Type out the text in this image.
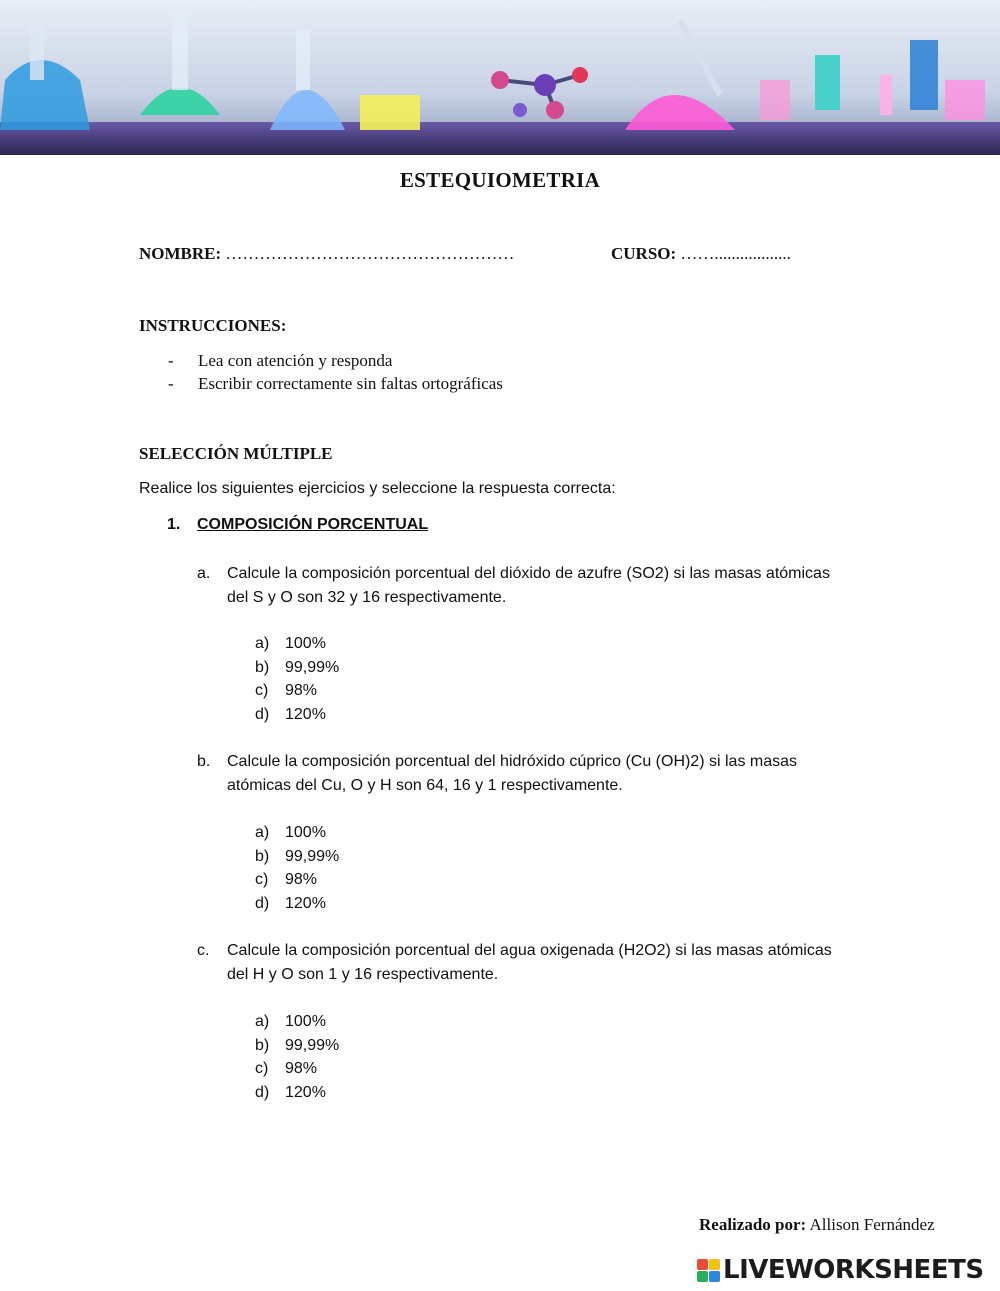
ESTEQUIOMETRIA
NOMBRE: ……………………………………………	CURSO: ……..................
INSTRUCCIONES:
- Lea con atención y responda
- Escribir correctamente sin faltas ortográficas
SELECCIÓN MÚLTIPLE
Realice los siguientes ejercicios y seleccione la respuesta correcta:
1. COMPOSICIÓN PORCENTUAL
a. Calcule la composición porcentual del dióxido de azufre (SO2) si las masas atómicas del S y O son 32 y 16 respectivamente.
a) 100%
b) 99,99%
c) 98%
d) 120%
b. Calcule la composición porcentual del hidróxido cúprico (Cu (OH)2) si las masas atómicas del Cu, O y H son 64, 16 y 1 respectivamente.
a) 100%
b) 99,99%
c) 98%
d) 120%
c. Calcule la composición porcentual del agua oxigenada (H2O2) si las masas atómicas del H y O son 1 y 16 respectivamente.
a) 100%
b) 99,99%
c) 98%
d) 120%
Realizado por: Allison Fernández
LIVEWORKSHEETS
